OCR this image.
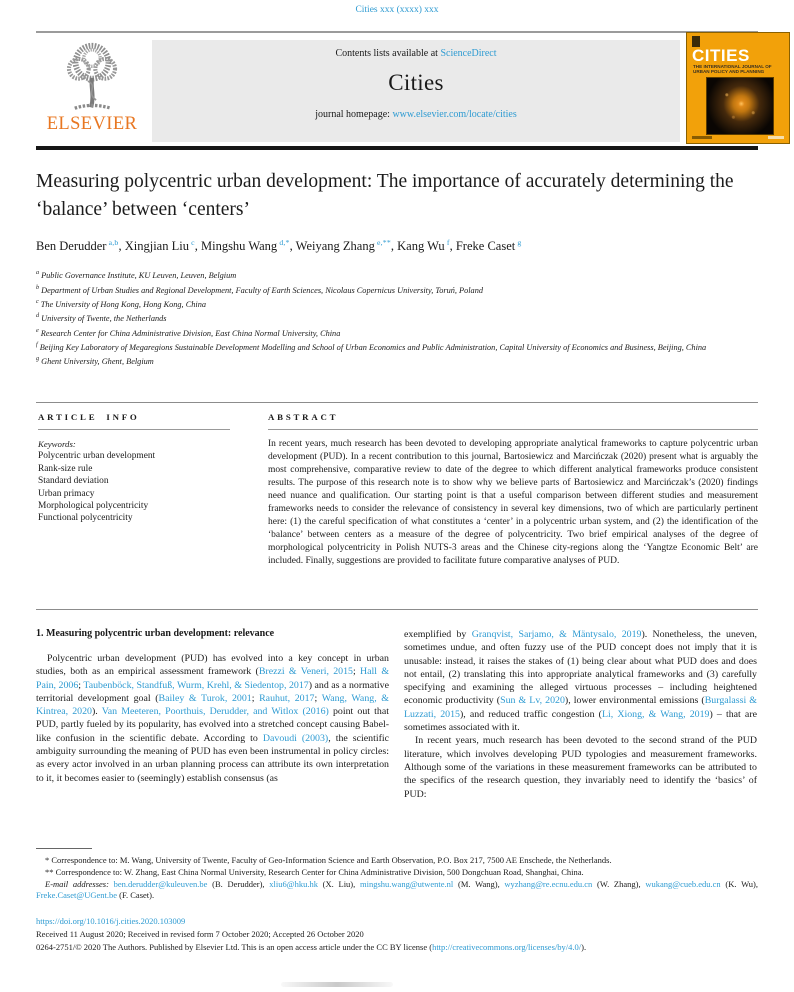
Cities xxx (xxxx) xxx
ELSEVIER
Contents lists available at ScienceDirect
Cities
journal homepage: www.elsevier.com/locate/cities
CITIES
THE INTERNATIONAL JOURNAL OF URBAN POLICY AND PLANNING
Measuring polycentric urban development: The importance of accurately determining the ‘balance’ between ‘centers’
Ben Derudder $^{a,b}$, Xingjian Liu $^c$, Mingshu Wang $^{d,*}$, Weiyang Zhang $^{e,**}$, Kang Wu $^f$, Freke Caset $^g$
$^a$ Public Governance Institute, KU Leuven, Leuven, Belgium
$^b$ Department of Urban Studies and Regional Development, Faculty of Earth Sciences, Nicolaus Copernicus University, Toruń, Poland
$^c$ The University of Hong Kong, Hong Kong, China
$^d$ University of Twente, the Netherlands
$^e$ Research Center for China Administrative Division, East China Normal University, China
$^f$ Beijing Key Laboratory of Megaregions Sustainable Development Modelling and School of Urban Economics and Public Administration, Capital University of Economics and Business, Beijing, China
$^g$ Ghent University, Ghent, Belgium
ARTICLE INFO
Keywords:
Polycentric urban development
Rank-size rule
Standard deviation
Urban primacy
Morphological polycentricity
Functional polycentricity
ABSTRACT
In recent years, much research has been devoted to developing appropriate analytical frameworks to capture polycentric urban development (PUD). In a recent contribution to this journal, Bartosiewicz and Marcińczak (2020) present what is arguably the most comprehensive, comparative review to date of the degree to which different analytical frameworks produce consistent results. The purpose of this research note is to show why we believe parts of Bartosiewicz and Marcińczak’s (2020) findings need nuance and qualification. Our starting point is that a useful comparison between different studies and measurement frameworks needs to consider the relevance of consistency in several key dimensions, two of which are particularly pertinent here: (1) the careful specification of what constitutes a ‘center’ in a polycentric urban system, and (2) the identification of the ‘balance’ between centers as a measure of the degree of polycentricity. Two brief empirical analyses of the degree of morphological polycentricity in Polish NUTS-3 areas and the Chinese city-regions along the ‘Yangtze Economic Belt’ are included. Finally, suggestions are provided to facilitate future comparative analyses of PUD.
1. Measuring polycentric urban development: relevance

Polycentric urban development (PUD) has evolved into a key concept in urban studies, both as an empirical assessment framework (Brezzi & Veneri, 2015; Hall & Pain, 2006; Taubenböck, Standfuß, Wurm, Krehl, & Siedentop, 2017) and as a normative territorial development goal (Bailey & Turok, 2001; Rauhut, 2017; Wang, Wang, & Kintrea, 2020). Van Meeteren, Poorthuis, Derudder, and Witlox (2016) point out that PUD, partly fueled by its popularity, has evolved into a stretched concept causing Babel-like confusion in the scientific debate. According to Davoudi (2003), the scientific ambiguity surrounding the meaning of PUD has even been instrumental in policy circles: as every actor involved in an urban planning process can attribute its own interpretation to it, it becomes easier to (seemingly) establish consensus (as

exemplified by Granqvist, Sarjamo, & Mäntysalo, 2019). Nonetheless, the uneven, sometimes undue, and often fuzzy use of the PUD concept does not imply that it is unusable: instead, it raises the stakes of (1) being clear about what PUD does and does not entail, (2) translating this into appropriate analytical frameworks and (3) carefully specifying and examining the alleged virtuous processes – including heightened economic productivity (Sun & Lv, 2020), lower environmental emissions (Burgalassi & Luzzati, 2015), and reduced traffic congestion (Li, Xiong, & Wang, 2019) – that are sometimes associated with it.

In recent years, much research has been devoted to the second strand of the PUD literature, which involves developing PUD typologies and measurement frameworks. Although some of the variations in these measurement frameworks can be attributed to the specifics of the research question, they invariably need to identify the ‘basics’ of PUD:

* Correspondence to: M. Wang, University of Twente, Faculty of Geo-Information Science and Earth Observation, P.O. Box 217, 7500 AE Enschede, the Netherlands.

** Correspondence to: W. Zhang, East China Normal University, Research Center for China Administrative Division, 500 Dongchuan Road, Shanghai, China.

E-mail addresses: ben.derudder@kuleuven.be (B. Derudder), xliu6@hku.hk (X. Liu), mingshu.wang@utwente.nl (M. Wang), wyzhang@re.ecnu.edu.cn (W. Zhang), wukang@cueb.edu.cn (K. Wu), Freke.Caset@UGent.be (F. Caset).

https://doi.org/10.1016/j.cities.2020.103009
Received 11 August 2020; Received in revised form 7 October 2020; Accepted 26 October 2020
0264-2751/© 2020 The Authors. Published by Elsevier Ltd. This is an open access article under the CC BY license (http://creativecommons.org/licenses/by/4.0/).
